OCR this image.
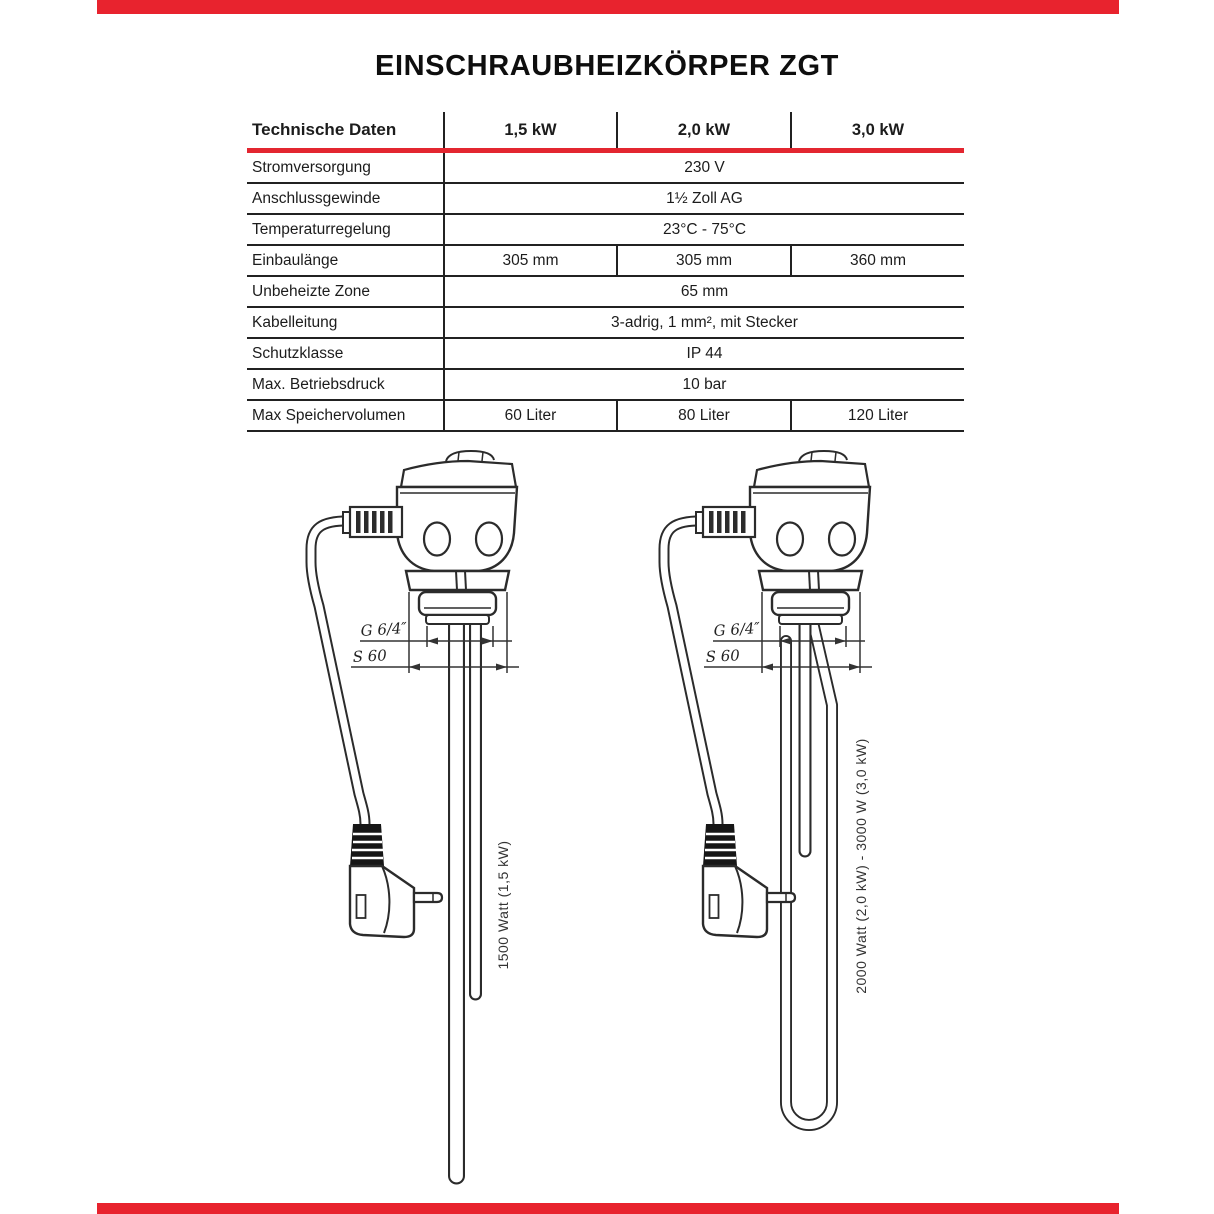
EINSCHRAUBHEIZKÖRPER ZGT
Technische Daten	1,5 kW	2,0 kW	3,0 kW
Stromversorgung	230 V
Anschlussgewinde	1½ Zoll AG
Temperaturregelung	23°C - 75°C
Einbaulänge	305 mm	305 mm	360 mm
Unbeheizte Zone	65 mm
Kabelleitung	3-adrig, 1 mm², mit Stecker
Schutzklasse	IP 44
Max. Betriebsdruck	10 bar
Max Speichervolumen	60 Liter	80 Liter	120 Liter
G 6/4″
S 60
G 6/4″
S 60
1500 Watt (1,5 kW)	2000 Watt (2,0 kW) - 3000 W (3,0 kW)
